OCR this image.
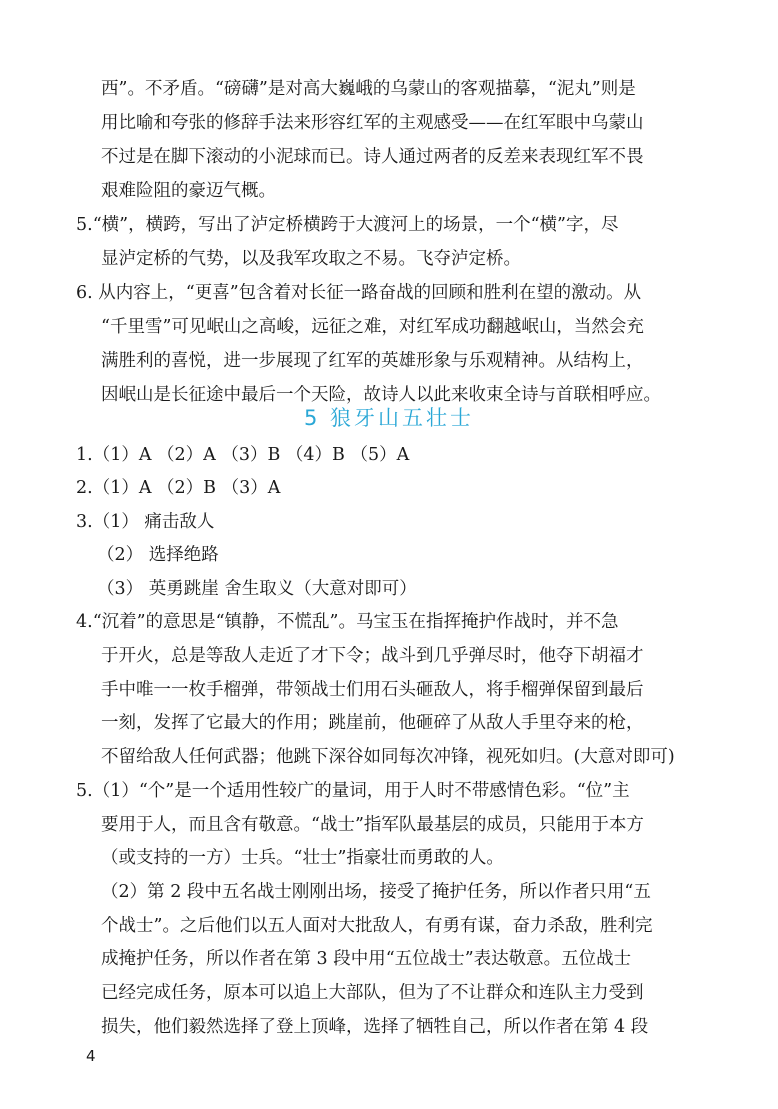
西”。不矛盾。“磅礴”是对高大巍峨的乌蒙山的客观描摹，“泥丸”则是
用比喻和夸张的修辞手法来形容红军的主观感受——在红军眼中乌蒙山
不过是在脚下滚动的小泥球而已。诗人通过两者的反差来表现红军不畏
艰难险阻的豪迈气概。
5.“横”，横跨，写出了泸定桥横跨于大渡河上的场景，一个“横”字，尽
显泸定桥的气势，以及我军攻取之不易。飞夺泸定桥。
6. 从内容上，“更喜”包含着对长征一路奋战的回顾和胜利在望的激动。从
“千里雪”可见岷山之高峻，远征之难，对红军成功翻越岷山，当然会充
满胜利的喜悦，进一步展现了红军的英雄形象与乐观精神。从结构上，
因岷山是长征途中最后一个天险，故诗人以此来收束全诗与首联相呼应。
5 狼牙山五壮士
1.（1）A （2）A （3）B （4）B （5）A
2.（1）A （2）B （3）A
3.（1） 痛击敌人
（2） 选择绝路
（3） 英勇跳崖 舍生取义（大意对即可）
4.“沉着”的意思是“镇静，不慌乱”。马宝玉在指挥掩护作战时，并不急
于开火，总是等敌人走近了才下令；战斗到几乎弹尽时，他夺下胡福才
手中唯一一枚手榴弹，带领战士们用石头砸敌人，将手榴弹保留到最后
一刻，发挥了它最大的作用；跳崖前，他砸碎了从敌人手里夺来的枪，
不留给敌人任何武器；他跳下深谷如同每次冲锋，视死如归。(大意对即可)
5.（1）“个”是一个适用性较广的量词，用于人时不带感情色彩。“位”主
要用于人，而且含有敬意。“战士”指军队最基层的成员，只能用于本方
（或支持的一方）士兵。“壮士”指豪壮而勇敢的人。
（2）第 2 段中五名战士刚刚出场，接受了掩护任务，所以作者只用“五
个战士”。之后他们以五人面对大批敌人，有勇有谋，奋力杀敌，胜利完
成掩护任务，所以作者在第 3 段中用“五位战士”表达敬意。五位战士
已经完成任务，原本可以追上大部队，但为了不让群众和连队主力受到
损失，他们毅然选择了登上顶峰，选择了牺牲自己，所以作者在第 4 段
4
